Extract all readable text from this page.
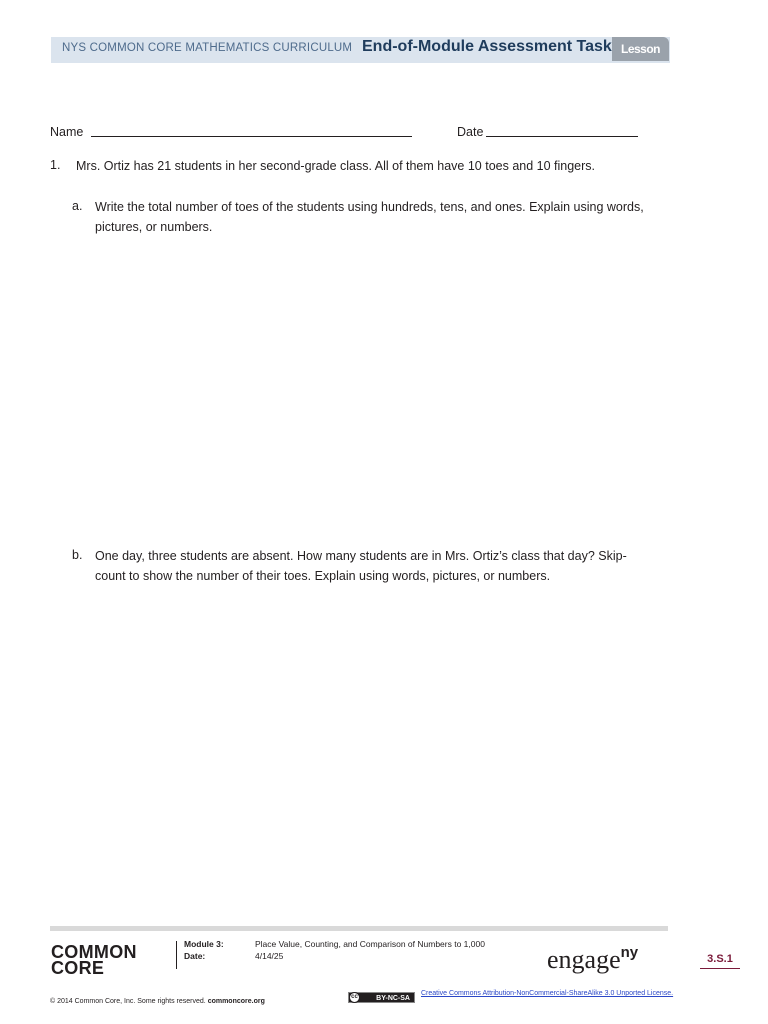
NYS COMMON CORE MATHEMATICS CURRICULUM End-of-Module Assessment Task Lesson
Name	Date
1. Mrs. Ortiz has 21 students in her second-grade class. All of them have 10 toes and 10 fingers.
a. Write the total number of toes of the students using hundreds, tens, and ones. Explain using words, pictures, or numbers.
b. One day, three students are absent. How many students are in Mrs. Ortiz’s class that day? Skip-count to show the number of their toes. Explain using words, pictures, or numbers.
COMMON
CORE
Module 3:	Place Value, Counting, and Comparison of Numbers to 1,000
Date:	4/14/25	engage$^{ny}$	3.S.1
BY-NC-SA
cc	Creative Commons Attribution-NonCommercial-ShareAlike 3.0 Unported License.
© 2014 Common Core, Inc. Some rights reserved. commoncore.org
